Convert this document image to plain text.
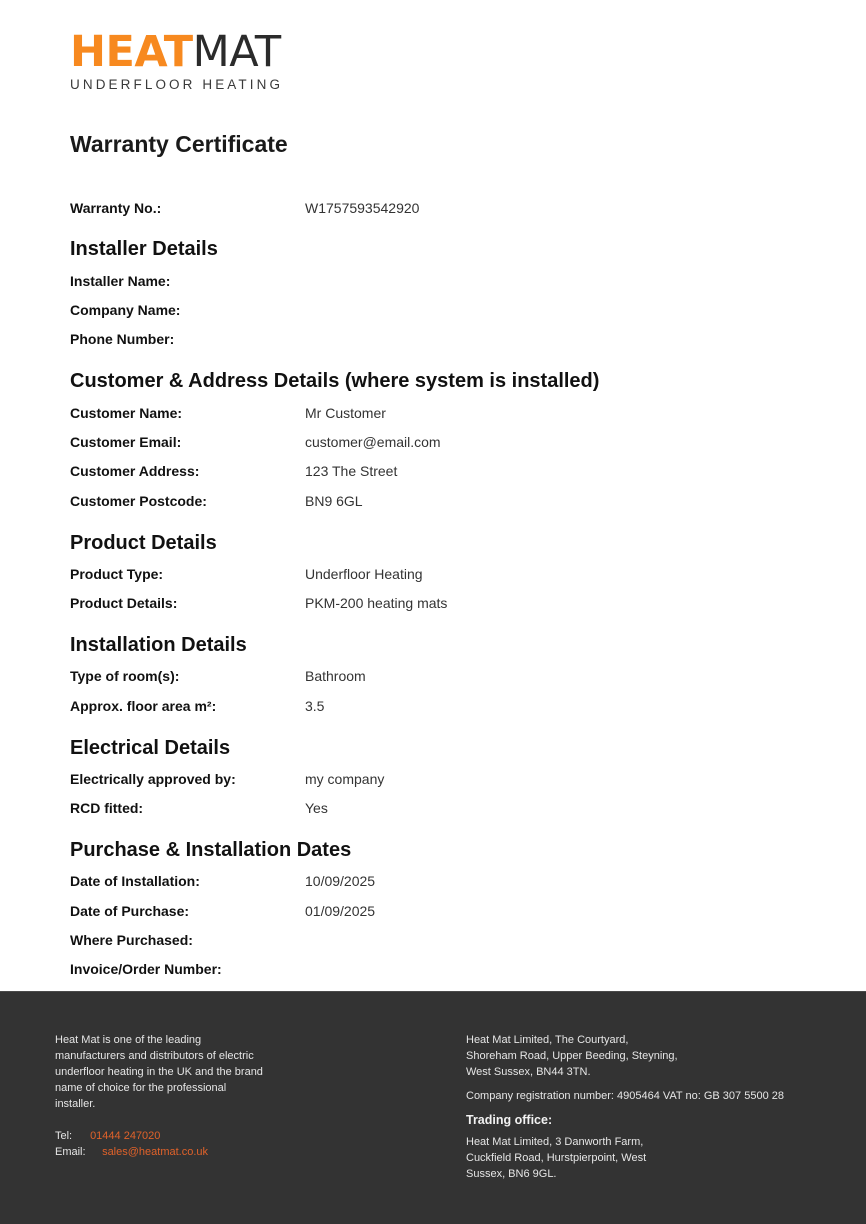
HEATMAT
UNDERFLOOR HEATING
Warranty Certificate
Warranty No.:	W1757593542920
Installer Details
Installer Name:
Company Name:
Phone Number:
Customer & Address Details (where system is installed)
Customer Name:	Mr Customer
Customer Email:	customer@email.com
Customer Address:	123 The Street
Customer Postcode:	BN9 6GL
Product Details
Product Type:	Underfloor Heating
Product Details:	PKM-200 heating mats
Installation Details
Type of room(s):	Bathroom
Approx. floor area m²:	3.5
Electrical Details
Electrically approved by:	my company
RCD fitted:	Yes
Purchase & Installation Dates
Date of Installation:	10/09/2025
Date of Purchase:	01/09/2025
Where Purchased:
Invoice/Order Number:
Heat Mat is one of the leading
manufacturers and distributors of electric
underfloor heating in the UK and the brand
name of choice for the professional
installer.
Tel: 01444 247020
Email: sales@heatmat.co.uk
Heat Mat Limited, The Courtyard,
Shoreham Road, Upper Beeding, Steyning,
West Sussex, BN44 3TN.
Company registration number: 4905464 VAT no: GB 307 5500 28
Trading office:
Heat Mat Limited, 3 Danworth Farm,
Cuckfield Road, Hurstpierpoint, West
Sussex, BN6 9GL.
